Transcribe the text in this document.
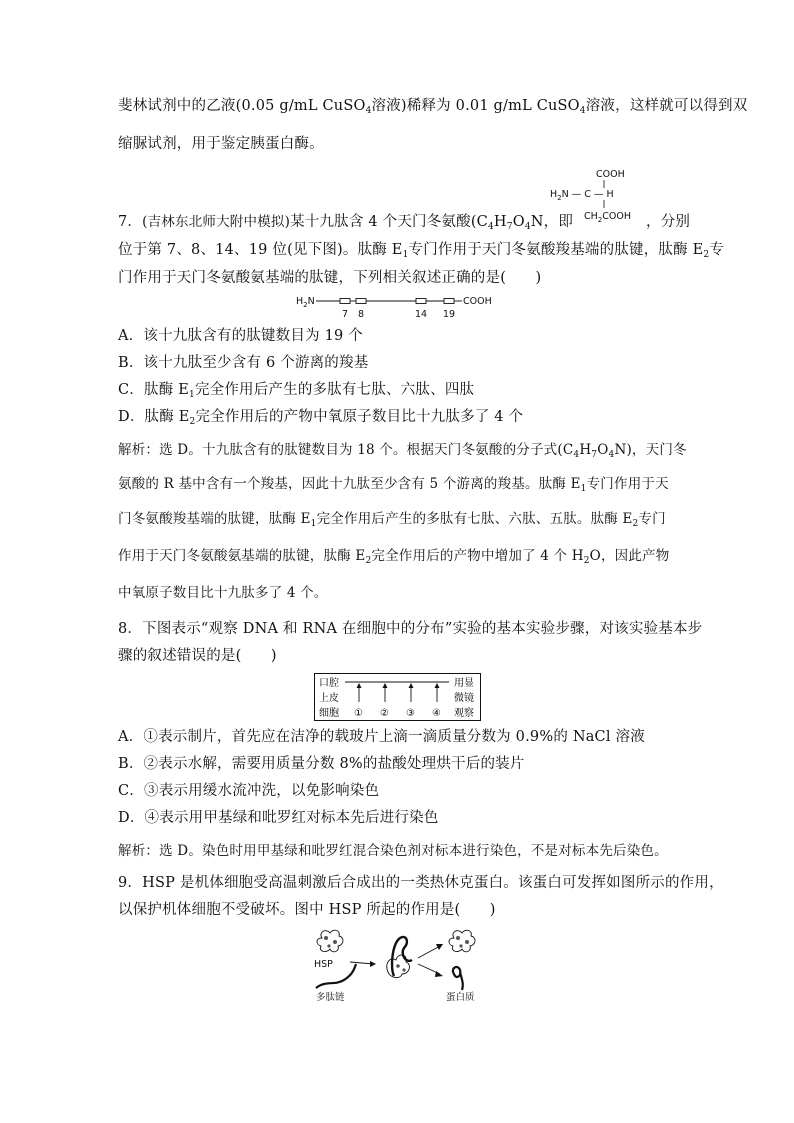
斐林试剂中的乙液(0.05 g/mL CuSO$_4$溶液)稀释为 0.01 g/mL CuSO$_4$溶液，这样就可以得到双
缩脲试剂，用于鉴定胰蛋白酶。
COOH
$H_2N$ — C — H
$CH_2COOH$
7．(吉林东北师大附中模拟)某十九肽含 4 个天门冬氨酸($C_4H_7O_4N$，即	，分别
位于第 7、8、14、19 位(见下图)。肽酶 $E_1$专门作用于天门冬氨酸羧基端的肽键，肽酶 $E_2$专
门作用于天门冬氨酸氨基端的肽键，下列相关叙述正确的是(　　)
$H_2N$	COOH
7 8	14 19
A．该十九肽含有的肽键数目为 19 个
B．该十九肽至少含有 6 个游离的羧基
C．肽酶 $E_1$完全作用后产生的多肽有七肽、六肽、四肽
D．肽酶 $E_2$完全作用后的产物中氧原子数目比十九肽多了 4 个
解析：选 D。十九肽含有的肽键数目为 18 个。根据天门冬氨酸的分子式$(C_4H_7O_4N)$，天门冬
氨酸的 R 基中含有一个羧基，因此十九肽至少含有 5 个游离的羧基。肽酶 $E_1$专门作用于天
门冬氨酸羧基端的肽键，肽酶 $E_1$完全作用后产生的多肽有七肽、六肽、五肽。肽酶 $E_2$专门
作用于天门冬氨酸氨基端的肽键，肽酶 $E_2$完全作用后的产物中增加了 4 个 $H_2O$，因此产物
中氧原子数目比十九肽多了 4 个。
8．下图表示“观察 DNA 和 RNA 在细胞中的分布”实验的基本实验步骤，对该实验基本步
骤的叙述错误的是(　　)
口腔
上皮
细胞
用显
微镜
观察
① ② ③ ④
A．①表示制片，首先应在洁净的载玻片上滴一滴质量分数为 0.9%的 NaCl 溶液
B．②表示水解，需要用质量分数 8%的盐酸处理烘干后的装片
C．③表示用缓水流冲洗，以免影响染色
D．④表示用甲基绿和吡罗红对标本先后进行染色
解析：选 D。染色时用甲基绿和吡罗红混合染色剂对标本进行染色，不是对标本先后染色。
9．HSP 是机体细胞受高温刺激后合成出的一类热休克蛋白。该蛋白可发挥如图所示的作用，
以保护机体细胞不受破坏。图中 HSP 所起的作用是(　　)
HSP
多肽链	蛋白质
